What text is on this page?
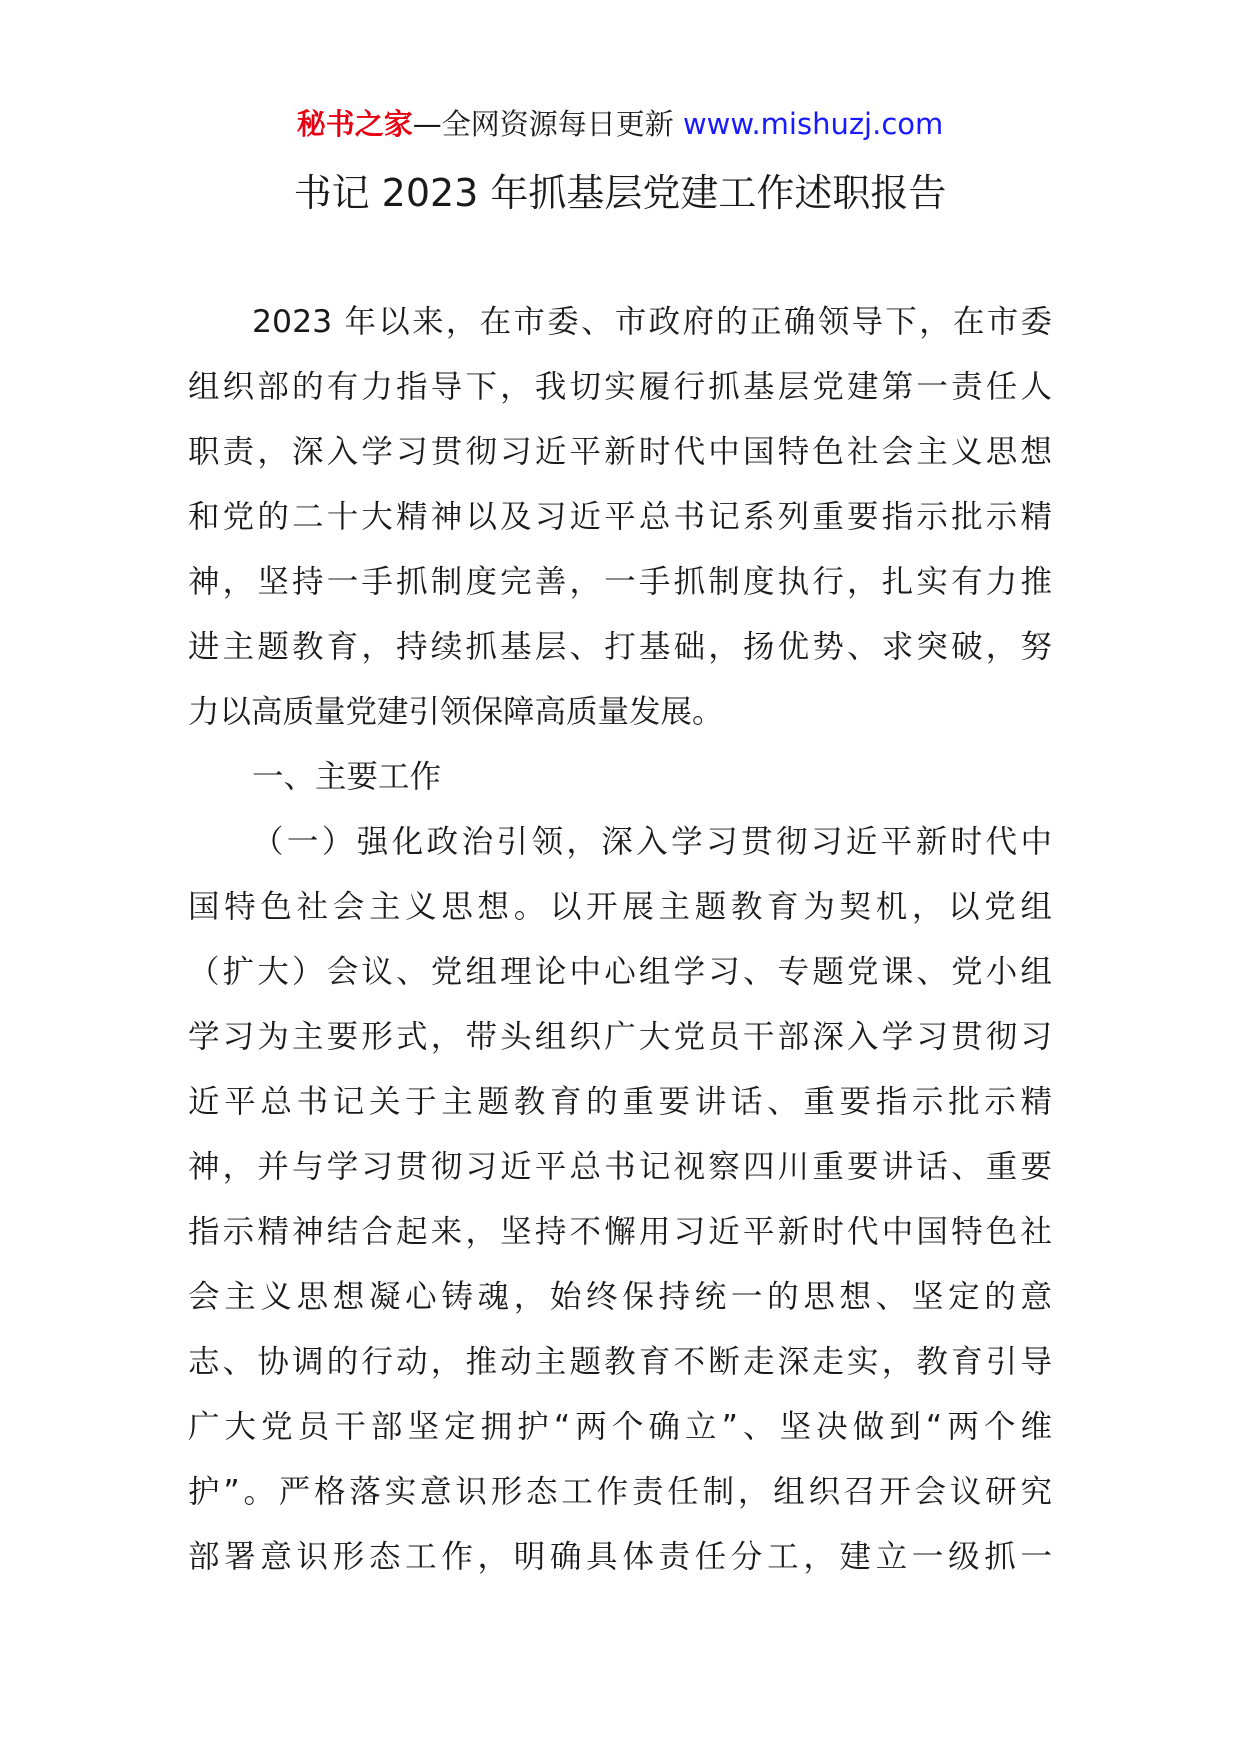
秘书之家—全网资源每日更新 www.mishuzj.com
书记 2023 年抓基层党建工作述职报告
2023 年以来，在市委、市政府的正确领导下，在市委
组织部的有力指导下，我切实履行抓基层党建第一责任人
职责，深入学习贯彻习近平新时代中国特色社会主义思想
和党的二十大精神以及习近平总书记系列重要指示批示精
神，坚持一手抓制度完善，一手抓制度执行，扎实有力推
进主题教育，持续抓基层、打基础，扬优势、求突破，努
力以高质量党建引领保障高质量发展。
一、主要工作
（一）强化政治引领，深入学习贯彻习近平新时代中
国特色社会主义思想。以开展主题教育为契机，以党组
（扩大）会议、党组理论中心组学习、专题党课、党小组
学习为主要形式，带头组织广大党员干部深入学习贯彻习
近平总书记关于主题教育的重要讲话、重要指示批示精
神，并与学习贯彻习近平总书记视察四川重要讲话、重要
指示精神结合起来，坚持不懈用习近平新时代中国特色社
会主义思想凝心铸魂，始终保持统一的思想、坚定的意
志、协调的行动，推动主题教育不断走深走实，教育引导
广大党员干部坚定拥护“两个确立”、坚决做到“两个维
护”。严格落实意识形态工作责任制，组织召开会议研究
部署意识形态工作，明确具体责任分工，建立一级抓一
